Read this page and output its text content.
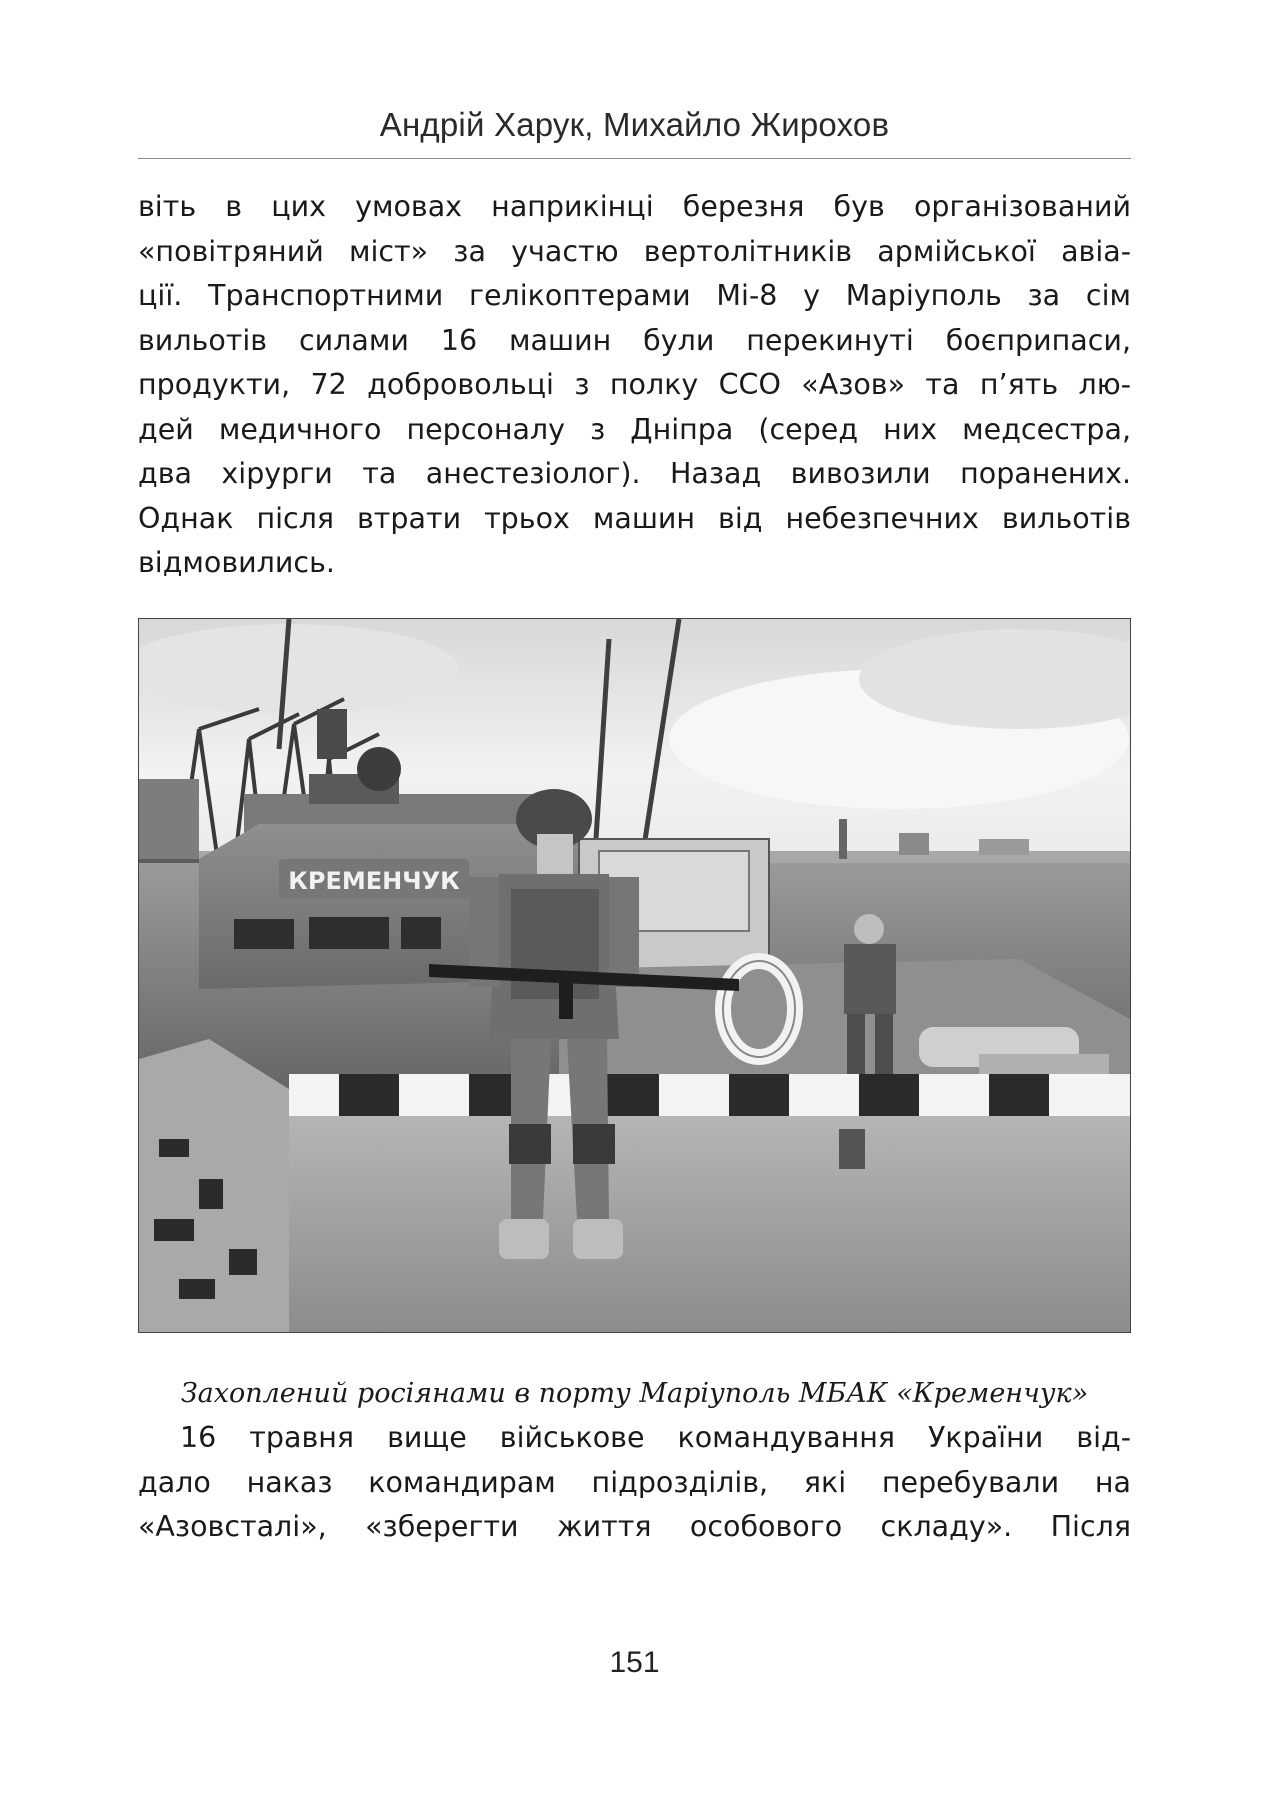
Андрій Харук, Михайло Жирохов
віть в цих умовах наприкінці березня був організований
«повітряний міст» за участю вертолітників армійської авіа-
ції. Транспортними гелікоптерами Мі-8 у Маріуполь за сім
вильотів силами 16 машин були перекинуті боєприпаси,
продукти, 72 добровольці з полку ССО «Азов» та п’ять лю-
дей медичного персоналу з Дніпра (серед них медсестра,
два хірурги та анестезіолог). Назад вивозили поранених.
Однак після втрати трьох машин від небезпечних вильотів
відмовились.
КРЕМЕНЧУК
Захоплений росіянами в порту Маріуполь МБАК «Кременчук»
16 травня вище військове командування України від-
дало наказ командирам підрозділів, які перебували на
«Азовсталі», «зберегти життя особового складу». Після
151
